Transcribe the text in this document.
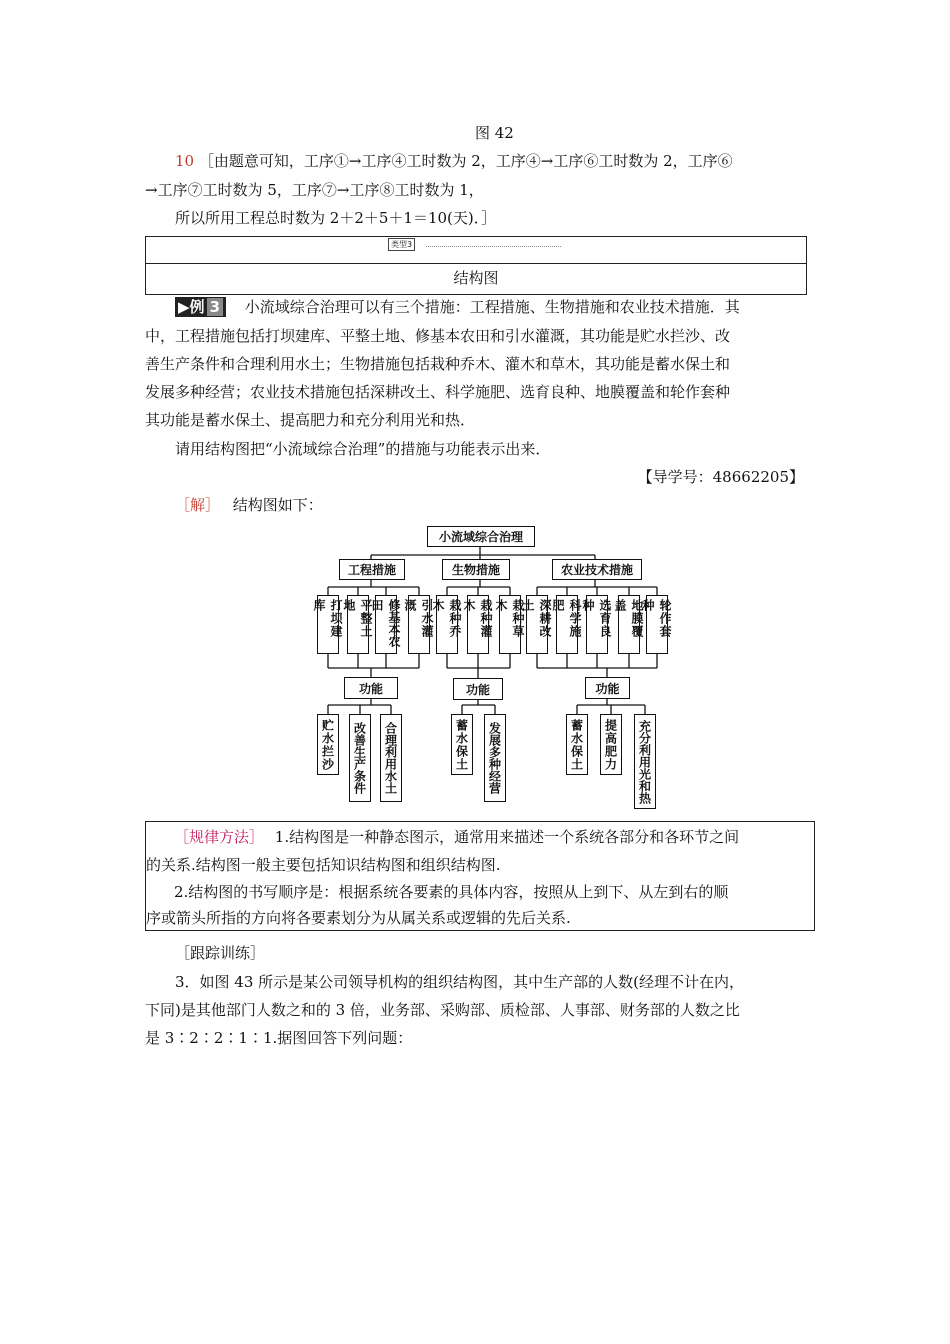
图 42
10 ［由题意可知，工序①→工序④工时数为 2，工序④→工序⑥工时数为 2，工序⑥
→工序⑦工时数为 5，工序⑦→工序⑧工时数为 1，
所以所用工程总时数为 2＋2＋5＋1＝10(天)．］
类型3
结构图
▶例 3 小流域综合治理可以有三个措施：工程措施、生物措施和农业技术措施．其
中，工程措施包括打坝建库、平整土地、修基本农田和引水灌溉，其功能是贮水拦沙、改
善生产条件和合理利用水土；生物措施包括栽种乔木、灌木和草木，其功能是蓄水保土和
发展多种经营；农业技术措施包括深耕改土、科学施肥、选育良种、地膜覆盖和轮作套种
其功能是蓄水保土、提高肥力和充分利用光和热．
请用结构图把“小流域综合治理”的措施与功能表示出来．
【导学号：48662205】
［解］ 结构图如下：
小流域综合治理
工程措施	生物措施	农业技术措施
打坝建库	平整土地	修基本农田	引水灌溉	栽种乔木	栽种灌木	栽种草木	深耕改土	科学施肥	选育良种	地膜覆盖	轮作套种
功能	功能	功能
贮水拦沙	改善生产条件	合理利用水土	蓄水保土	发展多种经营	蓄水保土	提高肥力	充分利用光和热
［规律方法］ 1.结构图是一种静态图示，通常用来描述一个系统各部分和各环节之间
的关系.结构图一般主要包括知识结构图和组织结构图.
2.结构图的书写顺序是：根据系统各要素的具体内容，按照从上到下、从左到右的顺
序或箭头所指的方向将各要素划分为从属关系或逻辑的先后关系.
［跟踪训练］
3．如图 43 所示是某公司领导机构的组织结构图，其中生产部的人数(经理不计在内，
下同)是其他部门人数之和的 3 倍，业务部、采购部、质检部、人事部、财务部的人数之比
是 3∶2∶2∶1∶1.据图回答下列问题：
